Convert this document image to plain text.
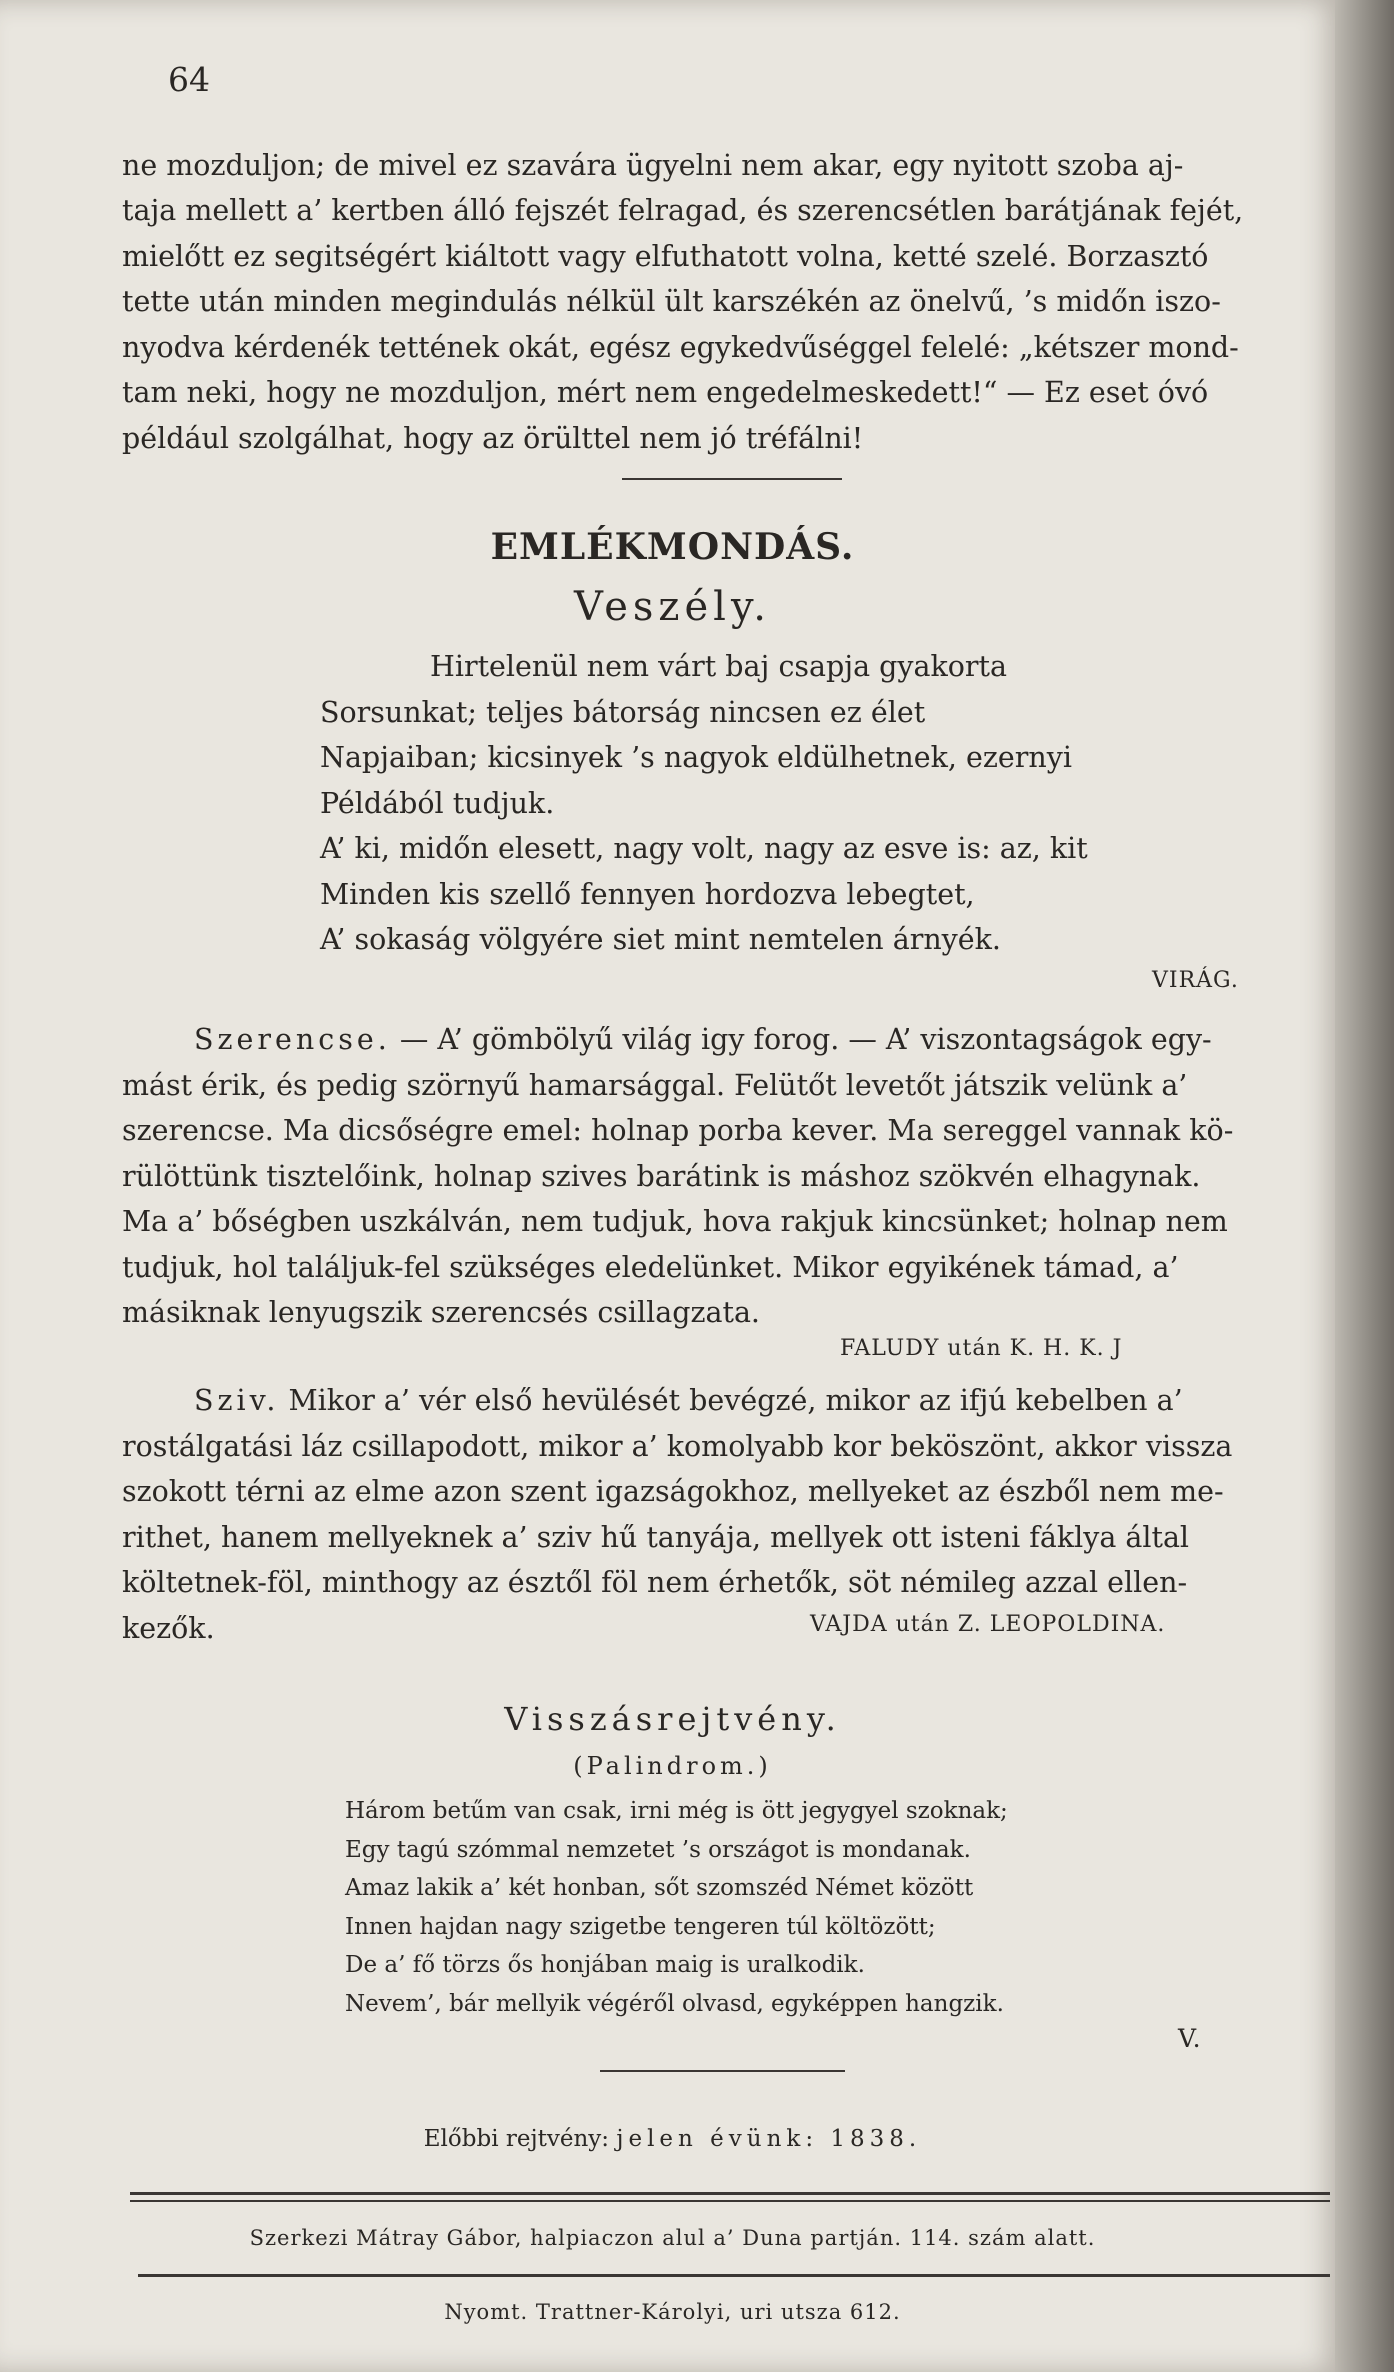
64
ne mozduljon; de mivel ez szavára ügyelni nem akar, egy nyitott szoba aj-
taja mellett a’ kertben álló fejszét felragad, és szerencsétlen barátjának fejét,
mielőtt ez segitségért kiáltott vagy elfuthatott volna, ketté szelé. Borzasztó
tette után minden megindulás nélkül ült karszékén az önelvű, ’s midőn iszo-
nyodva kérdenék tettének okát, egész egykedvűséggel felelé: „kétszer mond-
tam neki, hogy ne mozduljon, mért nem engedelmeskedett!“ — Ez eset óvó
például szolgálhat, hogy az örülttel nem jó tréfálni!
EMLÉKMONDÁS.
Veszély.
Hirtelenül nem várt baj csapja gyakorta
Sorsunkat; teljes bátorság nincsen ez élet
Napjaiban; kicsinyek ’s nagyok eldülhetnek, ezernyi
Példából tudjuk.
A’ ki, midőn elesett, nagy volt, nagy az esve is: az, kit
Minden kis szellő fennyen hordozva lebegtet,
A’ sokaság völgyére siet mint nemtelen árnyék.
VIRÁG.
Szerencse. — A’ gömbölyű világ igy forog. — A’ viszontagságok egy-
mást érik, és pedig szörnyű hamarsággal. Felütőt levetőt játszik velünk a’
szerencse. Ma dicsőségre emel: holnap porba kever. Ma sereggel vannak kö-
rülöttünk tisztelőink, holnap szives barátink is máshoz szökvén elhagynak.
Ma a’ bőségben uszkálván, nem tudjuk, hova rakjuk kincsünket; holnap nem
tudjuk, hol találjuk-fel szükséges eledelünket. Mikor egyikének támad, a’
másiknak lenyugszik szerencsés csillagzata.
FALUDY után K. H. K. J
Sziv. Mikor a’ vér első hevülését bevégzé, mikor az ifjú kebelben a’
rostálgatási láz csillapodott, mikor a’ komolyabb kor beköszönt, akkor vissza
szokott térni az elme azon szent igazságokhoz, mellyeket az észből nem me-
rithet, hanem mellyeknek a’ sziv hű tanyája, mellyek ott isteni fáklya által
költetnek-föl, minthogy az észtől föl nem érhetők, söt némileg azzal ellen-
kezők.	VAJDA után Z. LEOPOLDINA.
Visszásrejtvény.
(Palindrom.)
Három betűm van csak, irni még is ött jegygyel szoknak;
Egy tagú szómmal nemzetet ’s országot is mondanak.
Amaz lakik a’ két honban, sőt szomszéd Német között
Innen hajdan nagy szigetbe tengeren túl költözött;
De a’ fő törzs ős honjában maig is uralkodik.
Nevem’, bár mellyik végéről olvasd, egyképpen hangzik.
V.
Előbbi rejtvény: jelen évünk: 1838.
Szerkezi Mátray Gábor, halpiaczon alul a’ Duna partján. 114. szám alatt.
Nyomt. Trattner-Károlyi, uri utsza 612.
